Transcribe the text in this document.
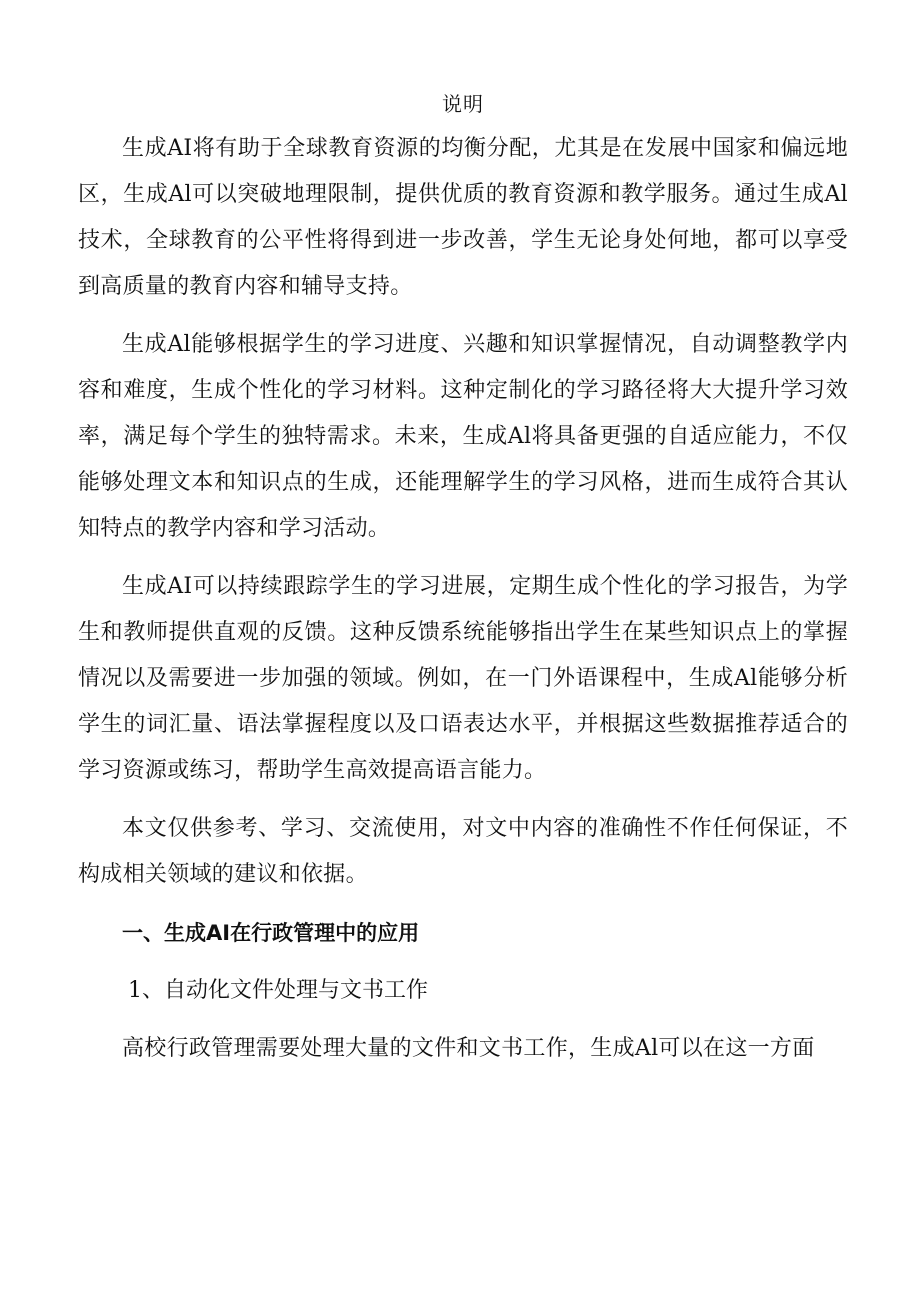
说明

生成AI将有助于全球教育资源的均衡分配，尤其是在发展中国家和偏远地区，生成Al可以突破地理限制，提供优质的教育资源和教学服务。通过生成Al技术，全球教育的公平性将得到进一步改善，学生无论身处何地，都可以享受到高质量的教育内容和辅导支持。

生成Al能够根据学生的学习进度、兴趣和知识掌握情况，自动调整教学内容和难度，生成个性化的学习材料。这种定制化的学习路径将大大提升学习效率，满足每个学生的独特需求。未来，生成Al将具备更强的自适应能力，不仅能够处理文本和知识点的生成，还能理解学生的学习风格，进而生成符合其认知特点的教学内容和学习活动。

生成AI可以持续跟踪学生的学习进展，定期生成个性化的学习报告，为学生和教师提供直观的反馈。这种反馈系统能够指出学生在某些知识点上的掌握情况以及需要进一步加强的领域。例如，在一门外语课程中，生成Al能够分析学生的词汇量、语法掌握程度以及口语表达水平，并根据这些数据推荐适合的学习资源或练习，帮助学生高效提高语言能力。

本文仅供参考、学习、交流使用，对文中内容的准确性不作任何保证，不构成相关领域的建议和依据。

一、生成AI在行政管理中的应用
1、自动化文件处理与文书工作

高校行政管理需要处理大量的文件和文书工作，生成Al可以在这一方面
